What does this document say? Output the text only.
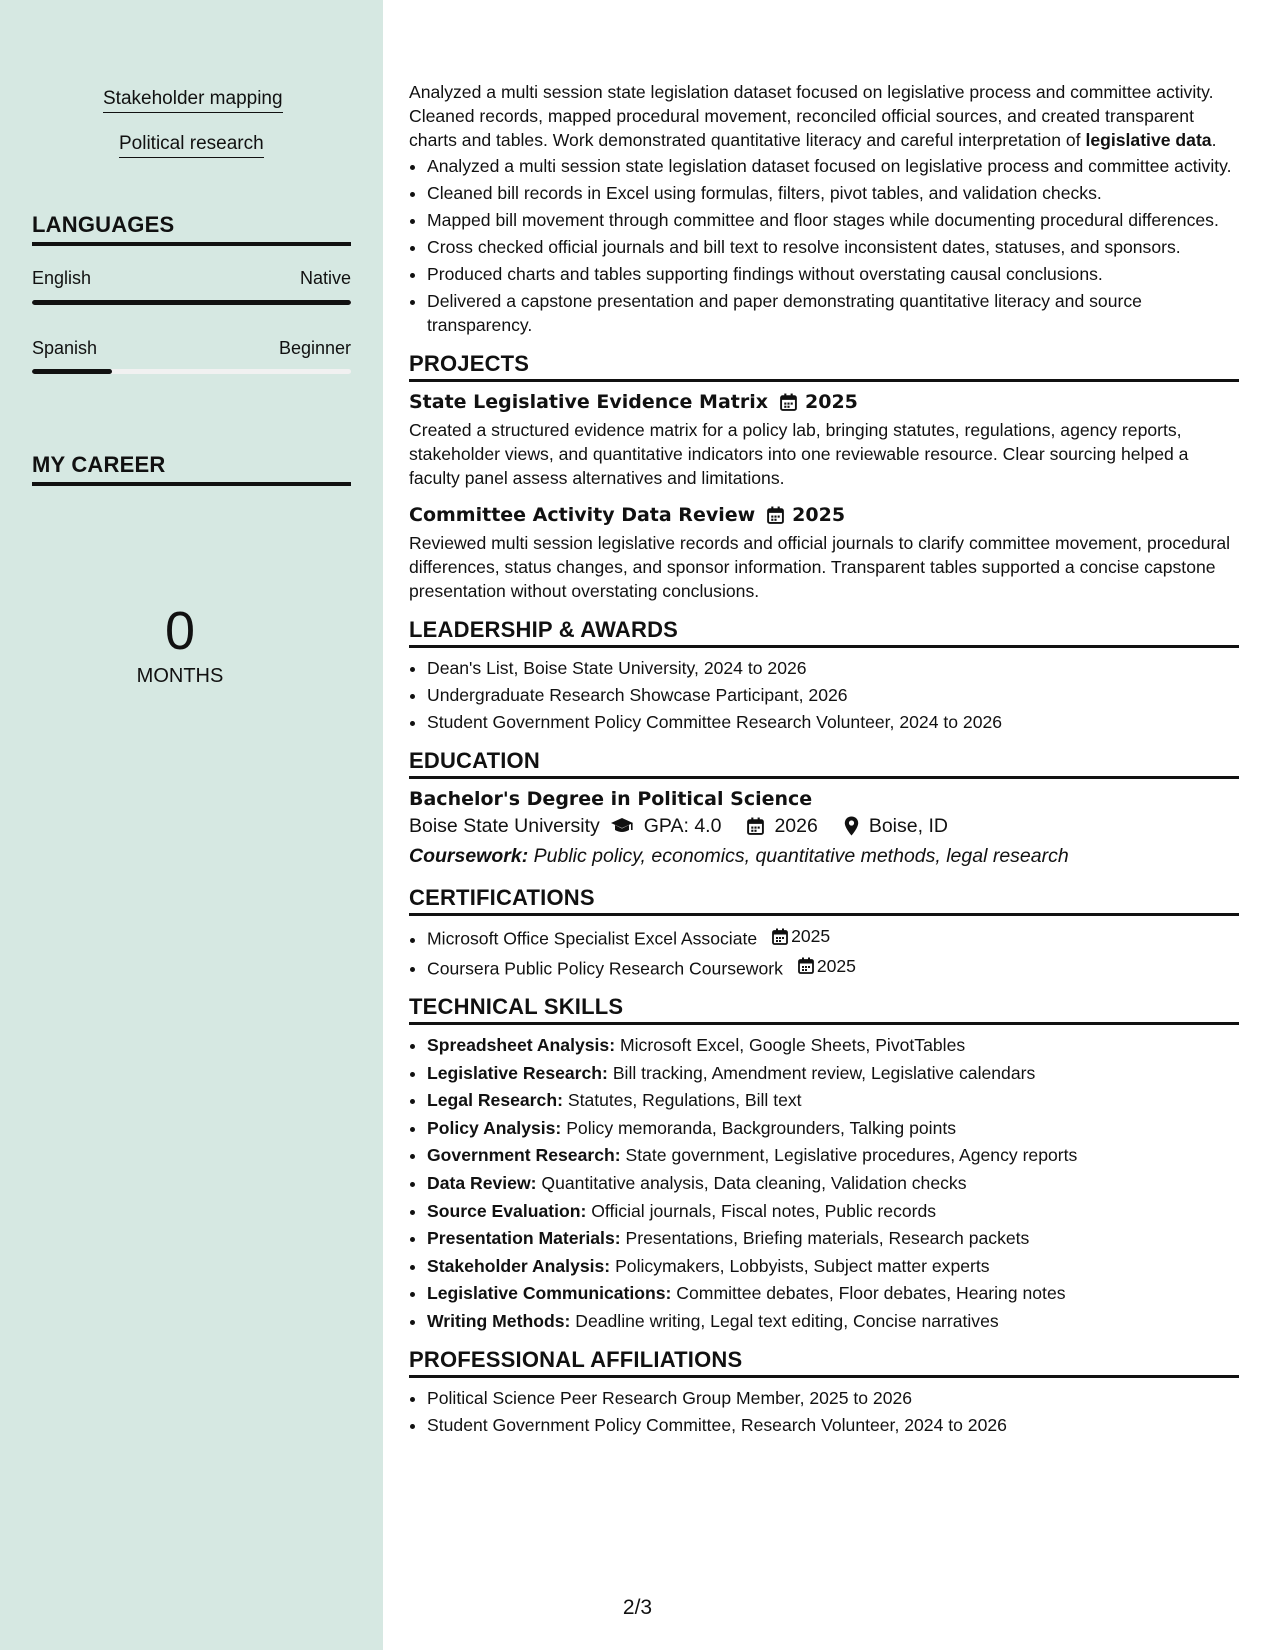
Stakeholder mapping
Political research
LANGUAGES
English	Native
Spanish	Beginner
MY CAREER
0
MONTHS

Analyzed a multi session state legislation dataset focused on legislative process and committee activity. Cleaned records, mapped procedural movement, reconciled official sources, and created transparent charts and tables. Work demonstrated quantitative literacy and careful interpretation of legislative data.

• Analyzed a multi session state legislation dataset focused on legislative process and committee activity.
• Cleaned bill records in Excel using formulas, filters, pivot tables, and validation checks.
• Mapped bill movement through committee and floor stages while documenting procedural differences.
• Cross checked official journals and bill text to resolve inconsistent dates, statuses, and sponsors.
• Produced charts and tables supporting findings without overstating causal conclusions.
• Delivered a capstone presentation and paper demonstrating quantitative literacy and source transparency.
PROJECTS
State Legislative Evidence Matrix 2025

Created a structured evidence matrix for a policy lab, bringing statutes, regulations, agency reports, stakeholder views, and quantitative indicators into one reviewable resource. Clear sourcing helped a faculty panel assess alternatives and limitations.

Committee Activity Data Review 2025

Reviewed multi session legislative records and official journals to clarify committee movement, procedural differences, status changes, and sponsor information. Transparent tables supported a concise capstone presentation without overstating conclusions.

LEADERSHIP & AWARDS
• Dean's List, Boise State University, 2024 to 2026
• Undergraduate Research Showcase Participant, 2026
• Student Government Policy Committee Research Volunteer, 2024 to 2026
EDUCATION
Bachelor's Degree in Political Science
Boise State University GPA: 4.0	2026	Boise, ID
Coursework: Public policy, economics, quantitative methods, legal research
CERTIFICATIONS
• Microsoft Office Specialist Excel Associate 2025
• Coursera Public Policy Research Coursework 2025
TECHNICAL SKILLS
• Spreadsheet Analysis: Microsoft Excel, Google Sheets, PivotTables
• Legislative Research: Bill tracking, Amendment review, Legislative calendars
• Legal Research: Statutes, Regulations, Bill text
• Policy Analysis: Policy memoranda, Backgrounders, Talking points
• Government Research: State government, Legislative procedures, Agency reports
• Data Review: Quantitative analysis, Data cleaning, Validation checks
• Source Evaluation: Official journals, Fiscal notes, Public records
• Presentation Materials: Presentations, Briefing materials, Research packets
• Stakeholder Analysis: Policymakers, Lobbyists, Subject matter experts
• Legislative Communications: Committee debates, Floor debates, Hearing notes
• Writing Methods: Deadline writing, Legal text editing, Concise narratives
PROFESSIONAL AFFILIATIONS
• Political Science Peer Research Group Member, 2025 to 2026
• Student Government Policy Committee, Research Volunteer, 2024 to 2026
2/3
